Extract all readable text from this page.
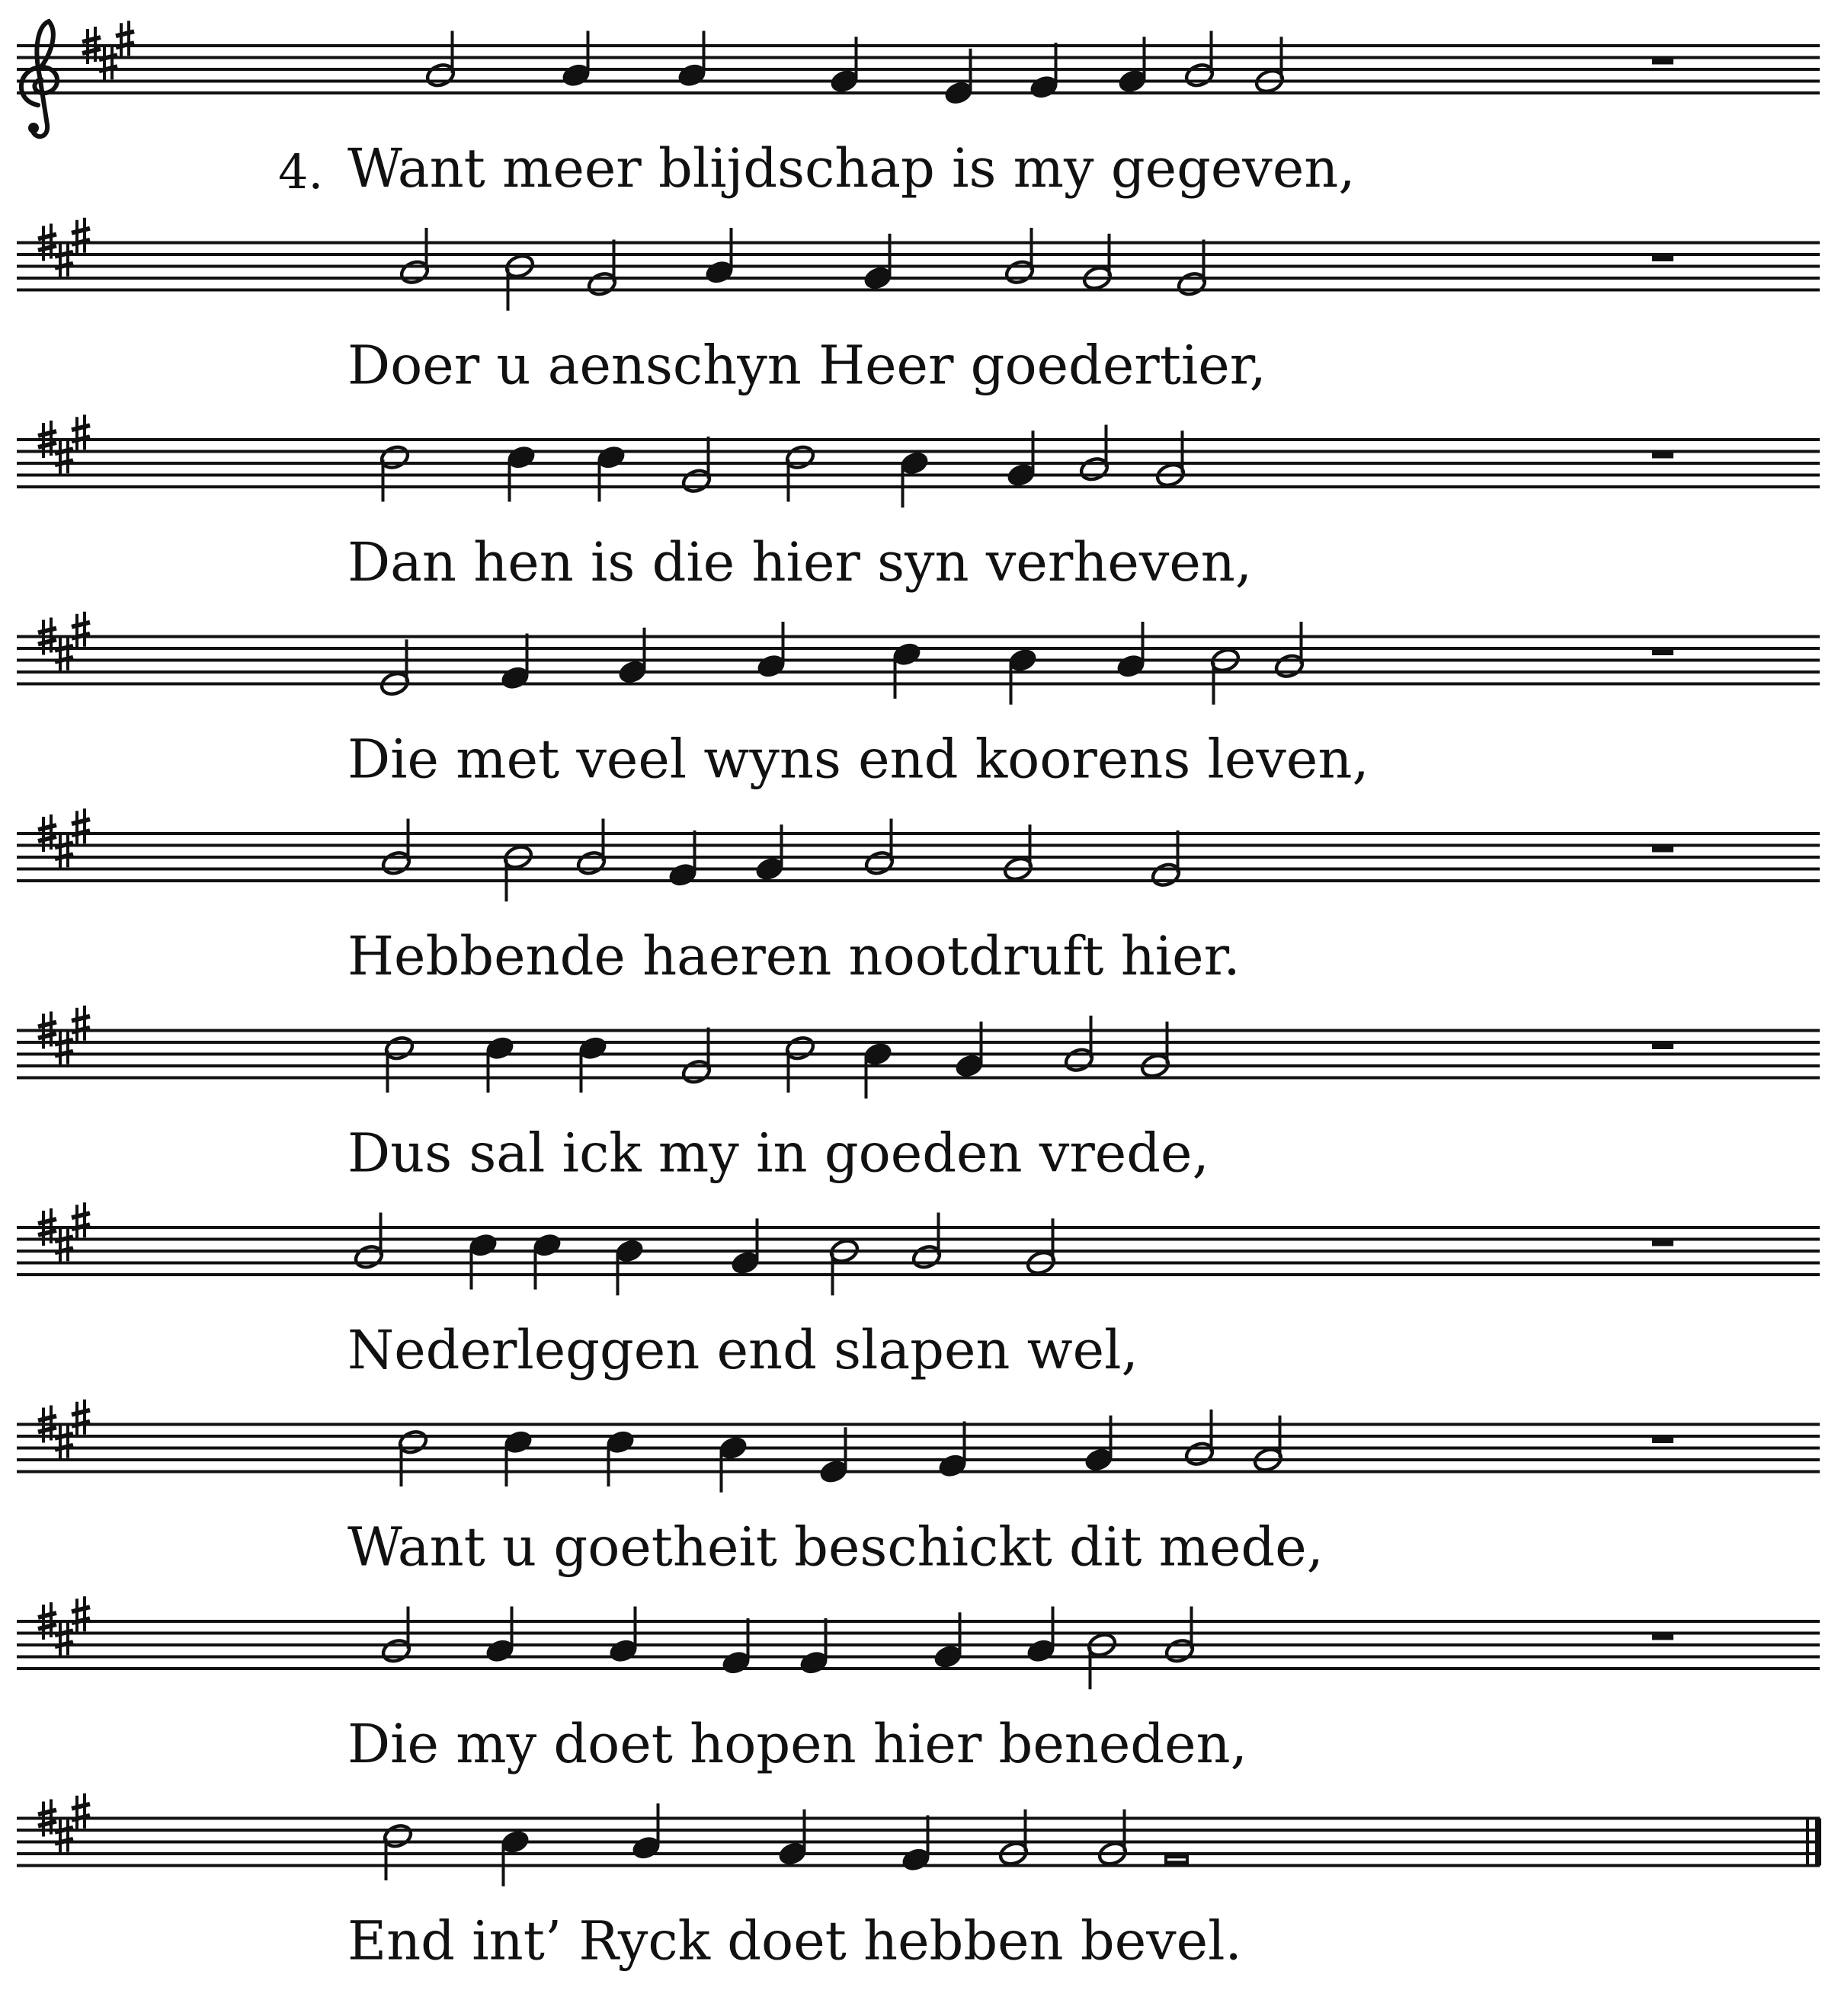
4. Want meer blijdschap is my gegeven,
Doer u aenschyn Heer goedertier,
Dan hen is die hier syn verheven,
Die met veel wyns end koorens leven,
Hebbende haeren nootdruft hier.
Dus sal ick my in goeden vrede,
Nederleggen end slapen wel,
Want u goetheit beschickt dit mede,
Die my doet hopen hier beneden,
End int’ Ryck doet hebben bevel.
